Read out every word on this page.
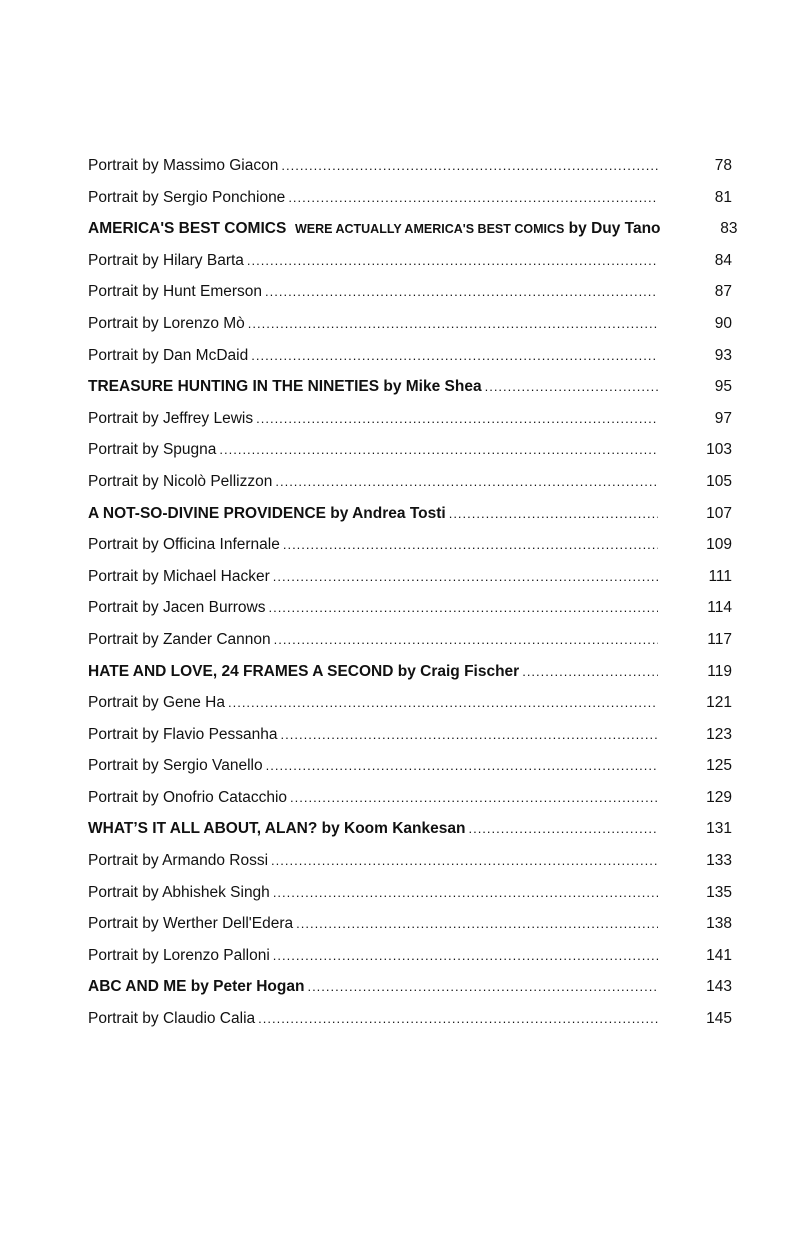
Portrait by Massimo Giacon .....	78
Portrait by Sergio Ponchione .....	81
AMERICA'S BEST COMICS WERE ACTUALLY AMERICA'S BEST COMICS by Duy Tano	83
Portrait by Hilary Barta .....	84
Portrait by Hunt Emerson .....	87
Portrait by Lorenzo Mò .....	90
Portrait by Dan McDaid .....	93
TREASURE HUNTING IN THE NINETIES by Mike Shea .....	95
Portrait by Jeffrey Lewis .....	97
Portrait by Spugna .....	103
Portrait by Nicolò Pellizzon .....	105
A NOT-SO-DIVINE PROVIDENCE by Andrea Tosti .....	107
Portrait by Officina Infernale .....	109
Portrait by Michael Hacker .....	111
Portrait by Jacen Burrows .....	114
Portrait by Zander Cannon .....	117
HATE AND LOVE, 24 FRAMES A SECOND by Craig Fischer .....	119
Portrait by Gene Ha .....	121
Portrait by Flavio Pessanha .....	123
Portrait by Sergio Vanello .....	125
Portrait by Onofrio Catacchio .....	129
WHAT’S IT ALL ABOUT, ALAN? by Koom Kankesan .....	131
Portrait by Armando Rossi .....	133
Portrait by Abhishek Singh .....	135
Portrait by Werther Dell'Edera .....	138
Portrait by Lorenzo Palloni .....	141
ABC AND ME by Peter Hogan .....	143
Portrait by Claudio Calia .....	145
